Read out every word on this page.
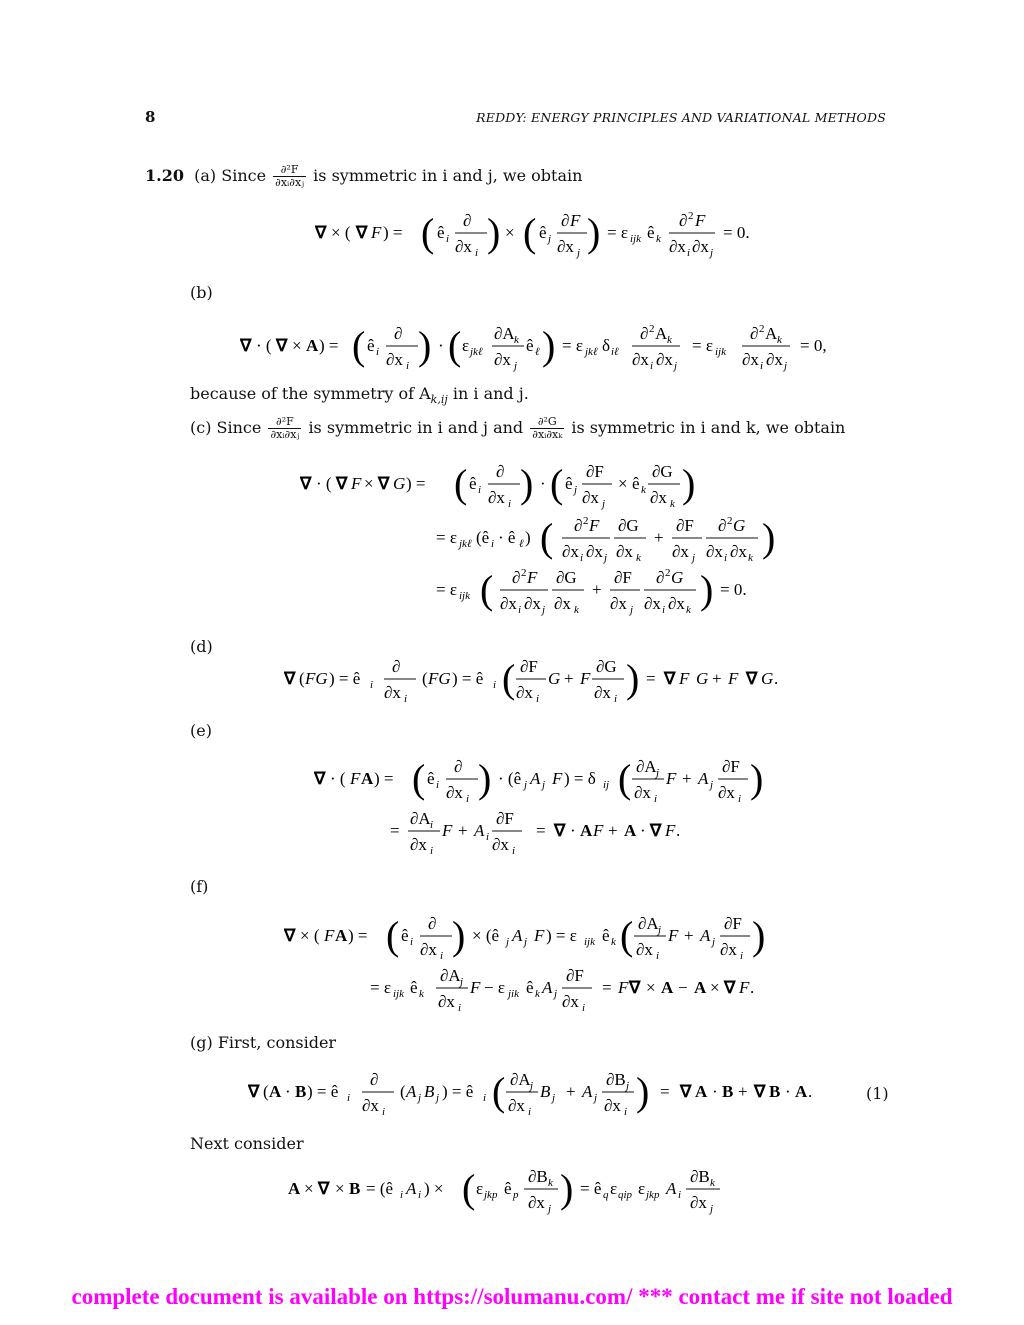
8	REDDY: ENERGY PRINCIPLES AND VARIATIONAL METHODS
1.20 (a) Since $\frac{\text{∂²F}}{\text{∂xᵢ∂xⱼ}}$ is symmetric in i and j, we obtain
∇ × ( ∇ F ) = ( ê i
∂
∂x i ) × ( ê j
∂ F
∂x j ) = ε ijk ê k
∂ 2 F
∂x i ∂x j
= 0.
(b)
∇ · ( ∇ × A ) = ( ê i
∂
∂x i ) · ( ε jkℓ
∂A k
∂x j
ê ℓ ) = ε jkℓ δ iℓ
∂ 2 A k
∂x i ∂x j
= ε ijk
∂ 2 A k
∂x i ∂x j
= 0,
because of the symmetry of $A_{k,ij}$ in i and j.
(c) Since $\frac{\text{∂²F}}{\text{∂xᵢ∂xⱼ}}$ is symmetric in i and j and $\frac{\text{∂²G}}{\text{∂xᵢ∂xₖ}}$ is symmetric in i and k, we obtain
∇ · ( ∇ F × ∇ G ) = ( ê i
∂
∂x i ) · ( ê j
∂F
∂x j
× ê k
∂G
∂x k )
= ε jkℓ (ê i · ê ℓ ) ( ∂ 2 F
∂x i ∂x j
∂G
∂x k
+
∂F
∂x j
∂ 2 G
∂x i ∂x k )
= ε ijk ( ∂ 2 F
∂x i ∂x j
∂G
∂x k
+
∂F
∂x j
∂ 2 G
∂x i ∂x k ) = 0.
(d)
∇ ( FG ) = ê i
∂
∂x i
( FG ) = ê i ( ∂F
∂x i
G + F
∂G
∂x i ) = ∇ F G + F ∇ G .
(e)
∇ · ( F A ) = ( ê i
∂
∂x i ) · (ê j A j F ) = δ ij ( ∂A j
∂x i
F + A j
∂F
∂x i )
=
∂A i
∂x i
F + A i
∂F
∂x i
= ∇ · A F + A · ∇ F .
(f)
∇ × ( F A ) = ( ê i
∂
∂x i ) × (ê j A j F ) = ε ijk ê k ( ∂A j
∂x i
F + A j
∂F
∂x i )
= ε ijk ê k
∂A j
∂x i
F − ε jik ê k A j
∂F
∂x i
= F ∇ × A − A × ∇ F .
(g) First, consider
∇ ( A · B ) = ê i
∂
∂x i
( A j B j ) = ê i ( ∂A j
∂x i
B j + A j
∂B j
∂x i ) = ∇ A · B + ∇ B · A .	(1)
Next consider
A × ∇ × B = (ê i A i ) × ( ε jkp ê p
∂B k
∂x j ) = ê q ε qip ε jkp A i
∂B k
∂x j
complete document is available on https://solumanu.com/ *** contact me if site not loaded
